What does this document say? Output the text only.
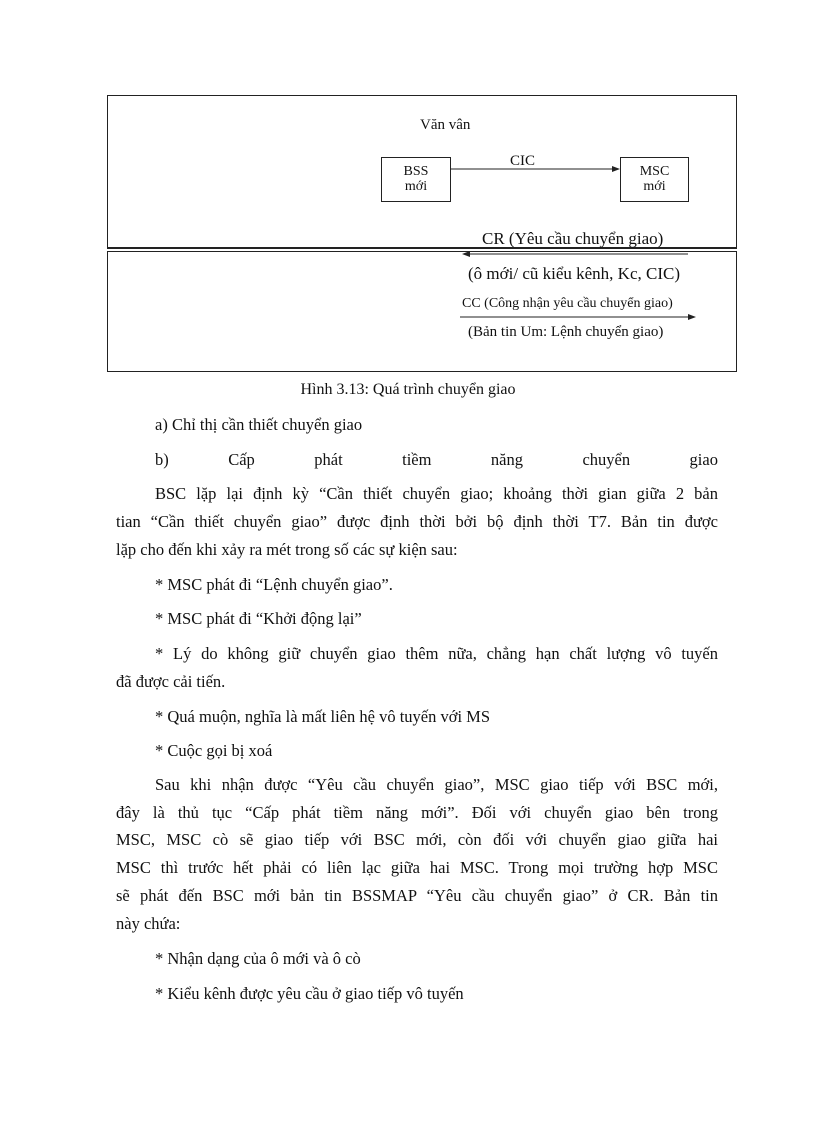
Văn vân
BSS
mới
MSC
mới
CIC
CR (Yêu cầu chuyển giao)
(ô mới/ cũ kiểu kênh, Kc, CIC)
CC (Công nhận yêu cầu chuyển giao)
(Bản tin Um: Lệnh chuyển giao)
Hình 3.13: Quá trình chuyển giao
a) Chỉ thị cần thiết chuyển giao
b)	Cấp	phát	tiềm	năng	chuyển	giao
BSC lặp lại định kỳ “Cần thiết chuyển giao; khoảng thời gian giữa 2 bản
tian “Cần thiết chuyển giao” được định thời bởi bộ định thời T7. Bản tin được
lặp cho đến khi xảy ra mét trong số các sự kiện sau:
* MSC phát đi “Lệnh chuyển giao”.
* MSC phát đi “Khởi động lại”
* Lý do không giữ chuyển giao thêm nữa, chẳng hạn chất lượng vô tuyến
đã được cải tiến.
* Quá muộn, nghĩa là mất liên hệ vô tuyến với MS
* Cuộc gọi bị xoá
Sau khi nhận được “Yêu cầu chuyển giao”, MSC giao tiếp với BSC mới,
đây là thủ tục “Cấp phát tiềm năng mới”. Đối với chuyển giao bên trong
MSC, MSC cò sẽ giao tiếp với BSC mới, còn đối với chuyển giao giữa hai
MSC thì trước hết phải có liên lạc giữa hai MSC. Trong mọi trường hợp MSC
sẽ phát đến BSC mới bản tin BSSMAP “Yêu cầu chuyển giao” ở CR. Bản tin
này chứa:
* Nhận dạng của ô mới và ô cò
* Kiểu kênh được yêu cầu ở giao tiếp vô tuyến
